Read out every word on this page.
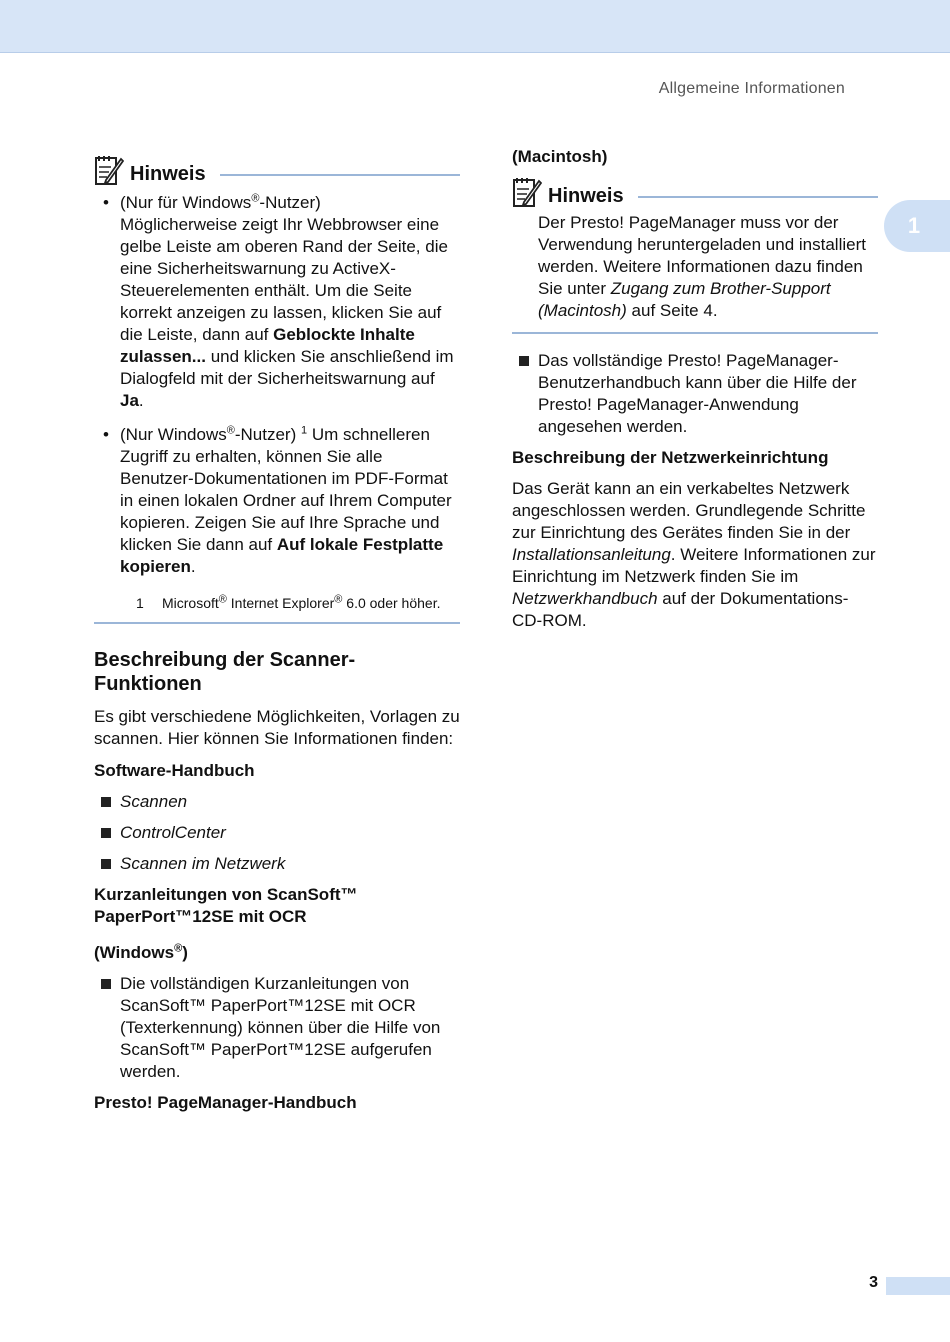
Allgemeine Informationen
1
Hinweis
• (Nur für Windows®-Nutzer)
Möglicherweise zeigt Ihr Webbrowser eine gelbe Leiste am oberen Rand der Seite, die eine Sicherheitswarnung zu ActiveX-Steuerelementen enthält. Um die Seite korrekt anzeigen zu lassen, klicken Sie auf die Leiste, dann auf Geblockte Inhalte zulassen... und klicken Sie anschließend im Dialogfeld mit der Sicherheitswarnung auf Ja.
• (Nur Windows®-Nutzer) $^1$ Um schnelleren Zugriff zu erhalten, können Sie alle Benutzer-Dokumentationen im PDF-Format in einen lokalen Ordner auf Ihrem Computer kopieren. Zeigen Sie auf Ihre Sprache und klicken Sie dann auf Auf lokale Festplatte kopieren.
1	Microsoft® Internet Explorer® 6.0 oder höher.
Beschreibung der Scanner-Funktionen

Es gibt verschiedene Möglichkeiten, Vorlagen zu scannen. Hier können Sie Informationen finden:

Software-Handbuch
Scannen
ControlCenter
Scannen im Netzwerk
Kurzanleitungen von ScanSoft™ PaperPort™12SE mit OCR
(Windows®)
Die vollständigen Kurzanleitungen von ScanSoft™ PaperPort™12SE mit OCR (Texterkennung) können über die Hilfe von ScanSoft™ PaperPort™12SE aufgerufen werden.
Presto! PageManager-Handbuch
(Macintosh)
Hinweis
Der Presto! PageManager muss vor der Verwendung heruntergeladen und installiert werden. Weitere Informationen dazu finden Sie unter Zugang zum Brother-Support (Macintosh) auf Seite 4.
Das vollständige Presto! PageManager-Benutzerhandbuch kann über die Hilfe der Presto! PageManager-Anwendung angesehen werden.
Beschreibung der Netzwerkeinrichtung

Das Gerät kann an ein verkabeltes Netzwerk angeschlossen werden. Grundlegende Schritte zur Einrichtung des Gerätes finden Sie in der Installationsanleitung. Weitere Informationen zur Einrichtung im Netzwerk finden Sie im Netzwerkhandbuch auf der Dokumentations-CD-ROM.

3
